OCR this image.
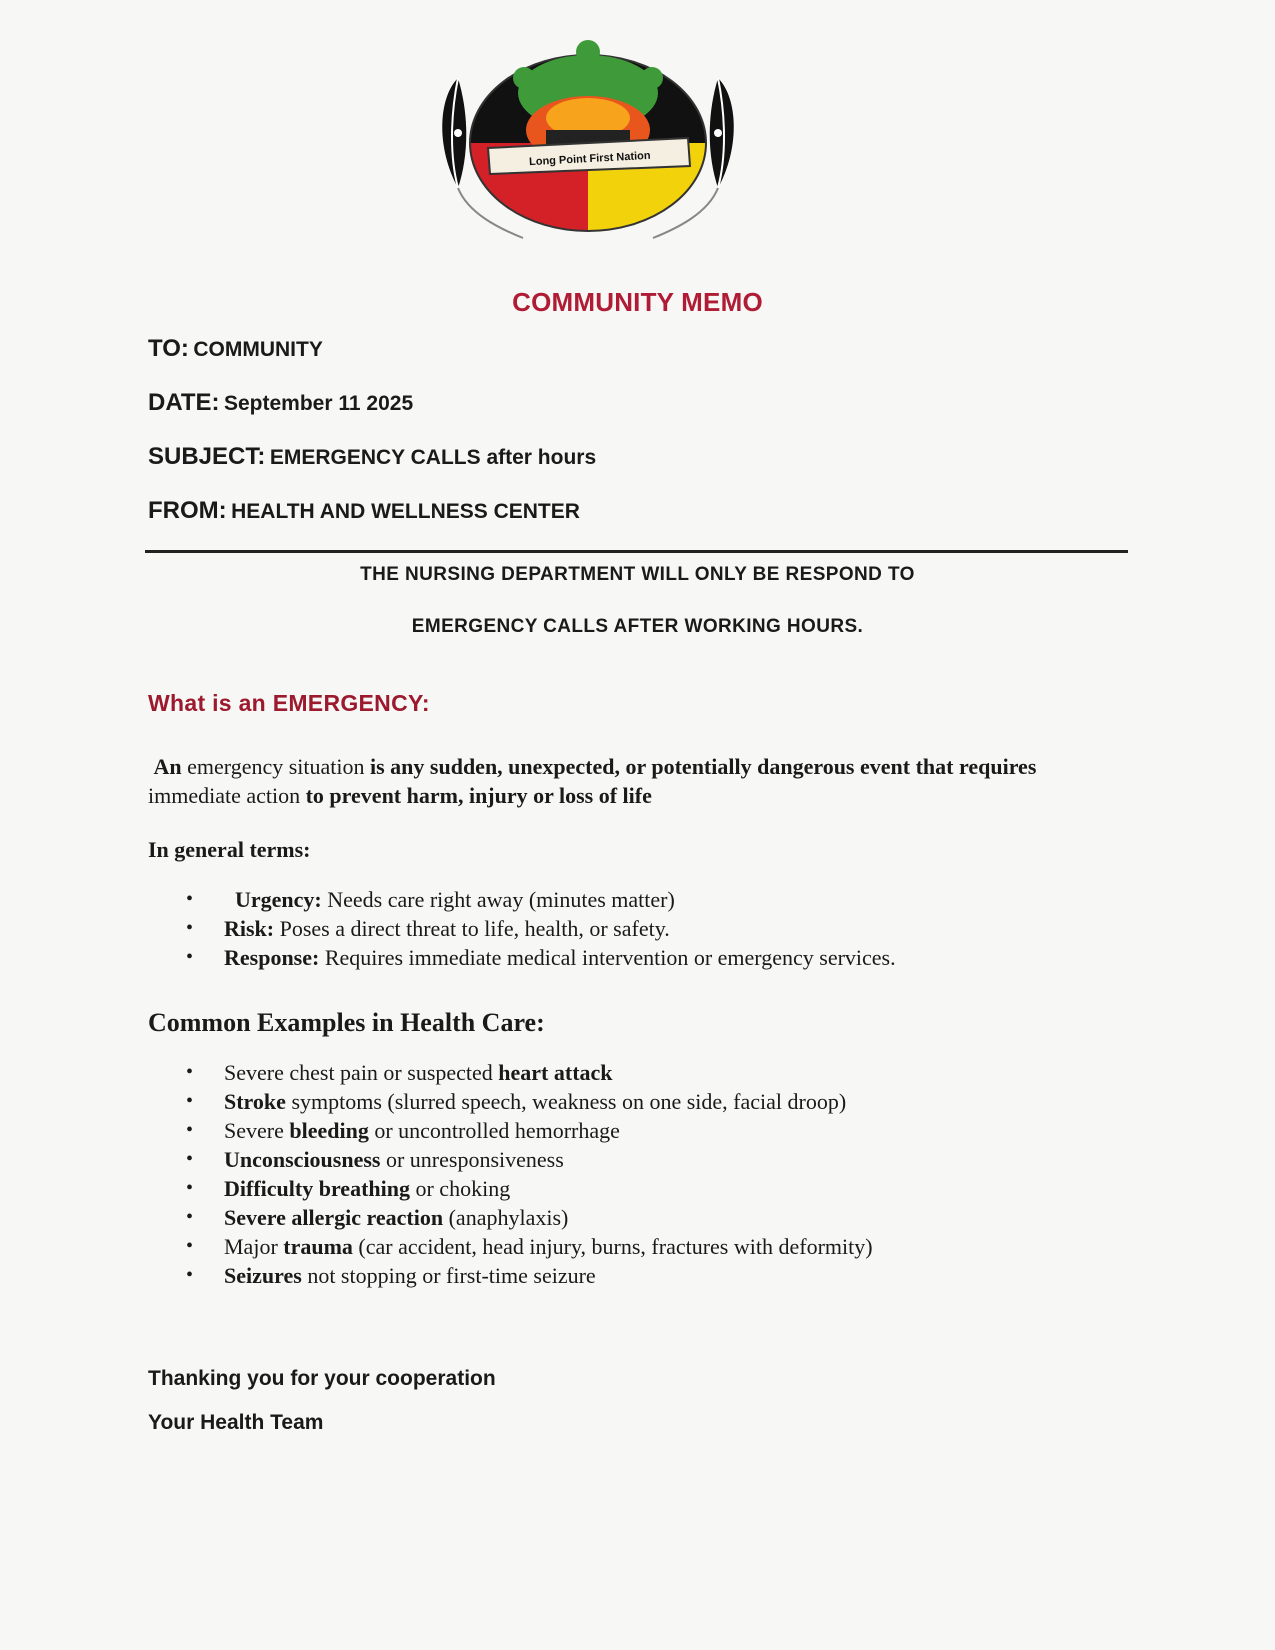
Long Point First Nation
COMMUNITY MEMO
TO: COMMUNITY
DATE: September 11 2025
SUBJECT: EMERGENCY CALLS after hours
FROM: HEALTH AND WELLNESS CENTER
THE NURSING DEPARTMENT WILL ONLY BE RESPOND TO
EMERGENCY CALLS AFTER WORKING HOURS.
What is an EMERGENCY:
An emergency situation is any sudden, unexpected, or potentially dangerous event that requires immediate action to prevent harm, injury or loss of life
In general terms:
• Urgency: Needs care right away (minutes matter)
• Risk: Poses a direct threat to life, health, or safety.
• Response: Requires immediate medical intervention or emergency services.
Common Examples in Health Care:
• Severe chest pain or suspected heart attack
• Stroke symptoms (slurred speech, weakness on one side, facial droop)
• Severe bleeding or uncontrolled hemorrhage
• Unconsciousness or unresponsiveness
• Difficulty breathing or choking
• Severe allergic reaction (anaphylaxis)
• Major trauma (car accident, head injury, burns, fractures with deformity)
• Seizures not stopping or first-time seizure
Thanking you for your cooperation
Your Health Team
